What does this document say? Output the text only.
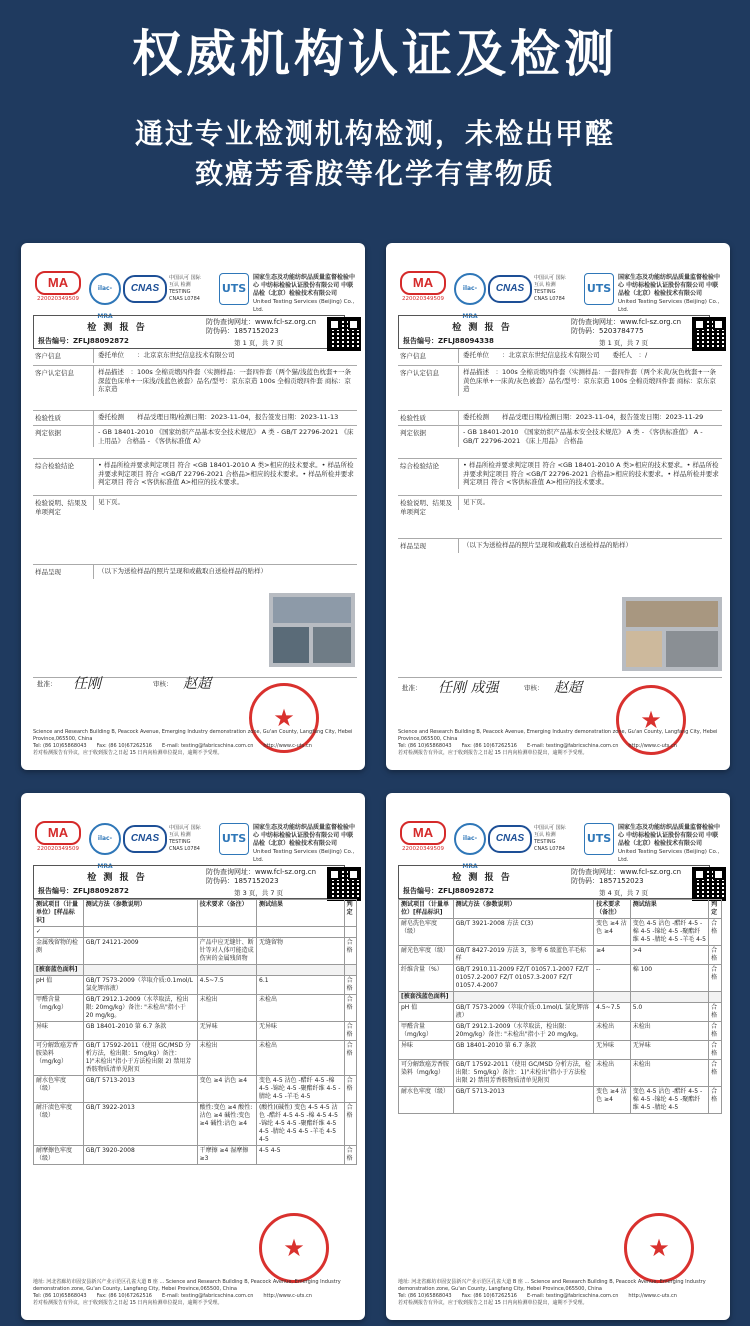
权威机构认证及检测
通过专业检测机构检测，未检出甲醛
致癌芳香胺等化学有害物质
MA
220020349509
ilac-MRA
CNAS
中国认可 国际互认 检测 TESTING CNAS L0784
UTS
国家生态及功能纺织品质量监督检验中心 中纺标检验认证股份有限公司 中联品检（北京）检验技术有限公司
United Testing Services (Beijing) Co., Ltd.
检 测 报 告
报告编号：ZFLJ88092872
防伪查询网址：www.fcl-sz.org.cn
防伪码：1857152023
第 1 页，共 7 页
客户信息	委托单位　　：北京京东世纪信息技术有限公司
客户认定信息	样品描述　：100s 全棉贡缎四件套（实测样品：一套四件套（两个猫/浅蓝色枕套+一条深蓝色床单+一床浅/浅蓝色被套）品名/型号：京东京造 100s 全棉贡缎四件套 商标：京东京造
检验性质	委托检测　　样品受理日期/检测日期：2023-11-04，报告签发日期：2023-11-13
判定依据	- GB 18401-2010 《国家纺织产品基本安全技术规范》 A 类 - GB/T 22796-2021 《床上用品》 合格品 - 《客供标准值 A》
综合检验结论	• 样品所检并要求判定项目 符合 <GB 18401-2010 A 类>相应的技术要求。• 样品所检并要求判定项目 符合 <GB/T 22796-2021 合格品>相应的技术要求。• 样品所检并要求判定项目 符合 <客供标准值 A>相应的技术要求。
检验说明、结果及单项判定
见下页。
样品呈现	（以下为送检样品的照片呈现和或截取自送检样品的贴样）
批准： 任刚	审核： 赵超
★
Science and Research Building B, Peacock Avenue, Emerging Industry demonstration zone, Gu'an County, Langfang City, Hebei Province,065500, China
Tel: (86 10)65868043　　Fax: (86 10)67262516　　E-mail: testing@fabricschina.com.cn　　http://www.c-uts.cn
若对检测报告有异议，应于收到报告之日起 15 日内向检测单位提出，逾期不予受理。
MA
220020349509
ilac-MRA
CNAS
中国认可 国际互认 检测 TESTING CNAS L0784
UTS
国家生态及功能纺织品质量监督检验中心 中纺标检验认证股份有限公司 中联品检（北京）检验技术有限公司
United Testing Services (Beijing) Co., Ltd.
检 测 报 告
报告编号：ZFLJ88094338
防伪查询网址：www.fcl-sz.org.cn
防伪码：5203784775
第 1 页，共 7 页
客户信息	委托单位　　：北京京东世纪信息技术有限公司　　委托人　：/
客户认定信息	样品描述　：100s 全棉贡缎四件套（实测样品：一套四件套（两个米黄/灰色枕套+一条黄色床单+一床黄/灰色被套）品名/型号：京东京造 100s 全棉贡缎四件套 商标：京东京造
检验性质	委托检测　　样品受理日期/检测日期：2023-11-04，报告签发日期：2023-11-29
判定依据	- GB 18401-2010 《国家纺织产品基本安全技术规范》 A 类 - 《客供标准值》 A - GB/T 22796-2021 《床上用品》 合格品
综合检验结论	• 样品所检并要求判定项目 符合 <GB 18401-2010 A 类>相应的技术要求。• 样品所检并要求判定项目 符合 <GB/T 22796-2021 合格品>相应的技术要求。• 样品所检并要求判定项目 符合 <客供标准值 A>相应的技术要求。
检验说明、结果及单项判定
见下页。
样品呈现	（以下为送检样品的照片呈现和或截取自送检样品的贴样）
批准： 任刚 成强	审核： 赵超
★
Science and Research Building B, Peacock Avenue, Emerging Industry demonstration zone, Gu'an County, Langfang City, Hebei Province,065500, China
Tel: (86 10)65868043　　Fax: (86 10)67262516　　E-mail: testing@fabricschina.com.cn　　http://www.c-uts.cn
若对检测报告有异议，应于收到报告之日起 15 日内向检测单位提出，逾期不予受理。
MA
220020349509
ilac-MRA
CNAS
中国认可 国际互认 检测 TESTING CNAS L0784
UTS
国家生态及功能纺织品质量监督检验中心 中纺标检验认证股份有限公司 中联品检（北京）检验技术有限公司
United Testing Services (Beijing) Co., Ltd.
检 测 报 告
报告编号：ZFLJ88092872
防伪查询网址：www.fcl-sz.org.cn
防伪码：1857152023
第 3 页，共 7 页
测试项目（计量单位）[样品标识]	测试方法（参数说明）	技术要求（备注）	测试结果	判定
✓				
金属残留物的检测	GB/T 24121-2009	产品中应无缝针、断针等对人体可能造成伤害的金属残留物	无缝留物	合格
[被套蓝色面料]				
pH 值	GB/T 7573-2009（萃取介质:0.1mol/L 氯化钾溶液）	4.5~7.5	6.1	合格
甲醛含量（mg/kg）	GB/T 2912.1-2009（水萃取法，检出限: 20mg/kg）备注: "未检出"指小于 20 mg/kg。	未检出	未检出	合格
异味	GB 18401-2010 第 6.7 条款	无异味	无异味	合格
可分解致癌芳香胺染料（mg/kg）	GB/T 17592-2011（使用 GC/MSD 分析方法，检出限：5mg/kg）备注：1)"未检出"指小于方法检出限 2) 禁用芳香胺物质清单见附页	未检出	未检出	合格
耐水色牢度（级）	GB/T 5713-2013	变色 ≥4 沾色 ≥4	变色 4-5 沾色 -醋纤 4-5 -棉 4-5 -锦纶 4-5 -聚酯纤维 4-5 -腈纶 4-5 -羊毛 4-5	合格
耐汗渍色牢度（级）	GB/T 3922-2013	酸性:变色 ≥4 酸性:沾色 ≥4 碱性:变色 ≥4 碱性:沾色 ≥4	(酸性)(碱性) 变色 4-5 4-5 沾色 -醋纤 4-5 4-5 -棉 4-5 4-5 -锦纶 4-5 4-5 -聚酯纤维 4-5 4-5 -腈纶 4-5 4-5 -羊毛 4-5 4-5	合格
耐摩擦色牢度（级）	GB/T 3920-2008	干摩擦 ≥4 湿摩擦 ≥3	4-5 4-5	合格
★
地址: 河北省廊坊市固安县新兴产业示范区孔雀大道 B 座 ... Science and Research Building B, Peacock Avenue, Emerging Industry demonstration zone, Gu'an County, Langfang City, Hebei Province,065500, China
Tel: (86 10)65868043　　Fax: (86 10)67262516　　E-mail: testing@fabricschina.com.cn　　http://www.c-uts.cn
若对检测报告有异议，应于收到报告之日起 15 日内向检测单位提出，逾期不予受理。
MA
220020349509
ilac-MRA
CNAS
中国认可 国际互认 检测 TESTING CNAS L0784
UTS
国家生态及功能纺织品质量监督检验中心 中纺标检验认证股份有限公司 中联品检（北京）检验技术有限公司
United Testing Services (Beijing) Co., Ltd.
检 测 报 告
报告编号：ZFLJ88092872
防伪查询网址：www.fcl-sz.org.cn
防伪码：1857152023
第 4 页，共 7 页
测试项目（计量单位）[样品标识]	测试方法（参数说明）	技术要求（备注）	测试结果	判定
耐皂洗色牢度（级）	GB/T 3921-2008 方法 C(3)	变色 ≥4 沾色 ≥4	变色 4-5 沾色 -醋纤 4-5 -棉 4-5 -锦纶 4-5 -聚酯纤维 4-5 -腈纶 4-5 -羊毛 4-5	合格
耐光色牢度（级）	GB/T 8427-2019 方法 3，参考 6 级蓝色羊毛标样	≥4	>4	合格
纤维含量（%）	GB/T 2910.11-2009 FZ/T 01057.1-2007 FZ/T 01057.2-2007 FZ/T 01057.3-2007 FZ/T 01057.4-2007	--	棉 100	合格
[被套浅蓝色面料]				
pH 值	GB/T 7573-2009（萃取介质:0.1mol/L 氯化钾溶液）	4.5~7.5	5.0	合格
甲醛含量（mg/kg）	GB/T 2912.1-2009（水萃取法，检出限: 20mg/kg）备注: "未检出"指小于 20 mg/kg。	未检出	未检出	合格
异味	GB 18401-2010 第 6.7 条款	无异味	无异味	合格
可分解致癌芳香胺染料（mg/kg）	GB/T 17592-2011（使用 GC/MSD 分析方法，检出限：5mg/kg）备注：1)"未检出"指小于方法检出限 2) 禁用芳香胺物质清单见附页	未检出	未检出	合格
耐水色牢度（级）	GB/T 5713-2013	变色 ≥4 沾色 ≥4	变色 4-5 沾色 -醋纤 4-5 -棉 4-5 -锦纶 4-5 -聚酯纤维 4-5 -腈纶 4-5	合格
★
地址: 河北省廊坊市固安县新兴产业示范区孔雀大道 B 座 ... Science and Research Building B, Peacock Avenue, Emerging Industry demonstration zone, Gu'an County, Langfang City, Hebei Province,065500, China
Tel: (86 10)65868043　　Fax: (86 10)67262516　　E-mail: testing@fabricschina.com.cn　　http://www.c-uts.cn
若对检测报告有异议，应于收到报告之日起 15 日内向检测单位提出，逾期不予受理。
